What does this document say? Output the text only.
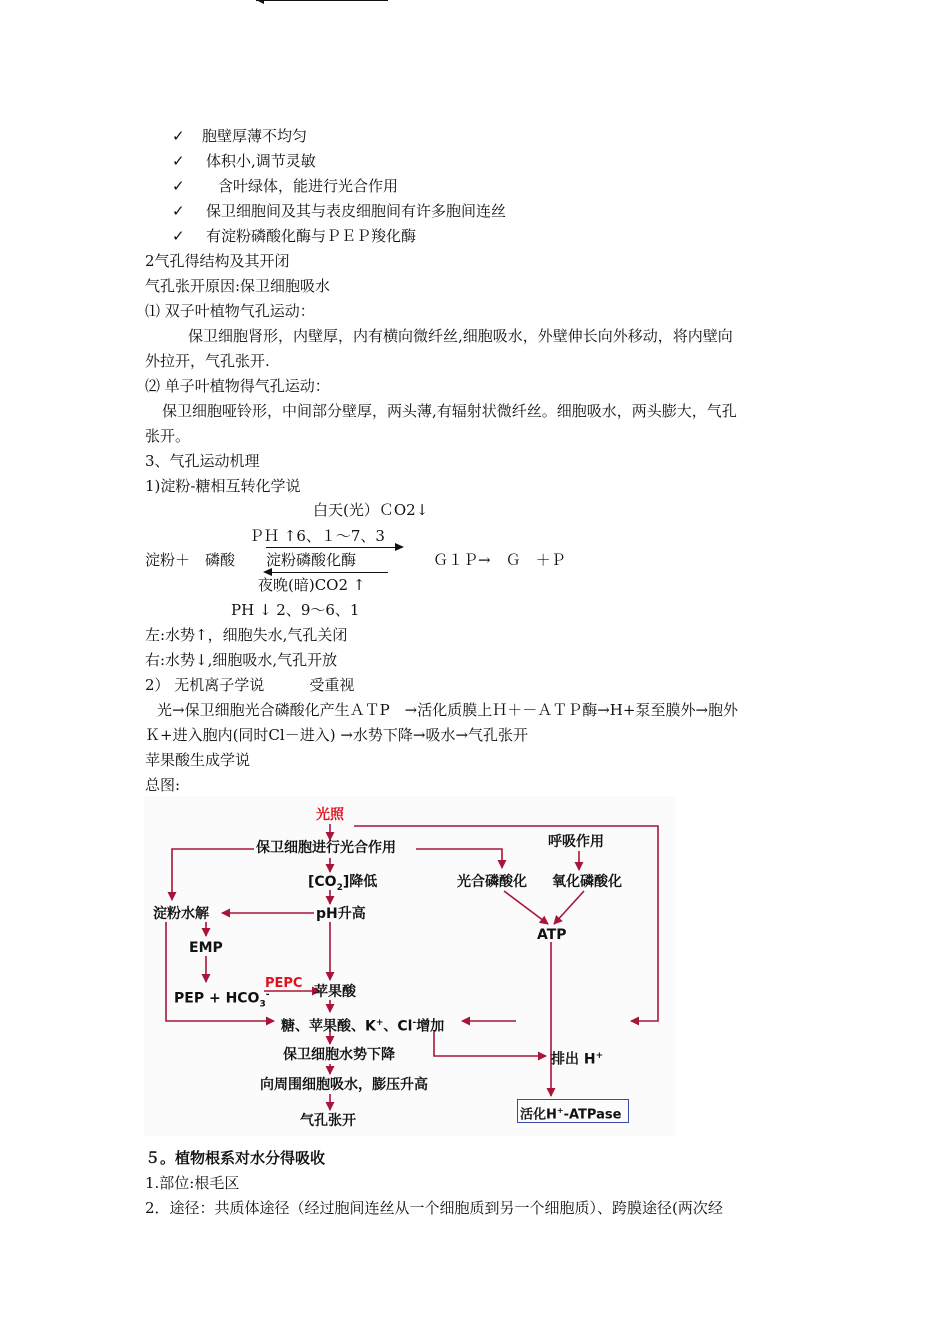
✓ 胞壁厚薄不均匀
✓ 体积小,调节灵敏
✓ 含叶绿体，能进行光合作用
✓ 保卫细胞间及其与表皮细胞间有许多胞间连丝
✓ 有淀粉磷酸化酶与ＰＥＰ羧化酶
2气孔得结构及其开闭
气孔张开原因:保卫细胞吸水
⑴ 双子叶植物气孔运动：
保卫细胞肾形，内壁厚，内有横向微纤丝,细胞吸水，外壁伸长向外移动，将内壁向
外拉开，气孔张开.
⑵ 单子叶植物得气孔运动：
保卫细胞哑铃形，中间部分壁厚，两头薄,有辐射状微纤丝。细胞吸水，两头膨大，气孔
张开。
3、气孔运动机理
1)淀粉-糖相互转化学说
白天(光）ＣO2↓
ＰＨ ↑6、１～7、3
淀粉＋　磷酸 淀粉磷酸化酶	Ｇ１Ｐ→　Ｇ　＋Ｐ
夜晚(暗)CO2 ↑
PH ↓ 2、9～6、1
左:水势↑，细胞失水,气孔关闭
右:水势↓,细胞吸水,气孔开放
2） 无机离子学说　　　受重视
光→保卫细胞光合磷酸化产生ＡＴP　→活化质膜上Ｈ＋－ＡＴＰ酶→H+泵至膜外→胞外
Ｋ+进入胞内(同时Cl－进入) →水势下降→吸水→气孔张开
苹果酸生成学说
总图:
光照
保卫细胞进行光合作用	呼吸作用
$[CO_2]$降低	光合磷酸化 氧化磷酸化
淀粉水解	pH升高
EMP
ATP
PEPC
PEP + $HCO_3^-$	苹果酸
糖、苹果酸、K+、Cl-增加
活化H+-ATPase
保卫细胞水势下降	排出 H+
向周围细胞吸水，膨压升高
气孔张开
５。植物根系对水分得吸收
1.部位:根毛区
2．途径：共质体途径（经过胞间连丝从一个细胞质到另一个细胞质）、跨膜途径(两次经
